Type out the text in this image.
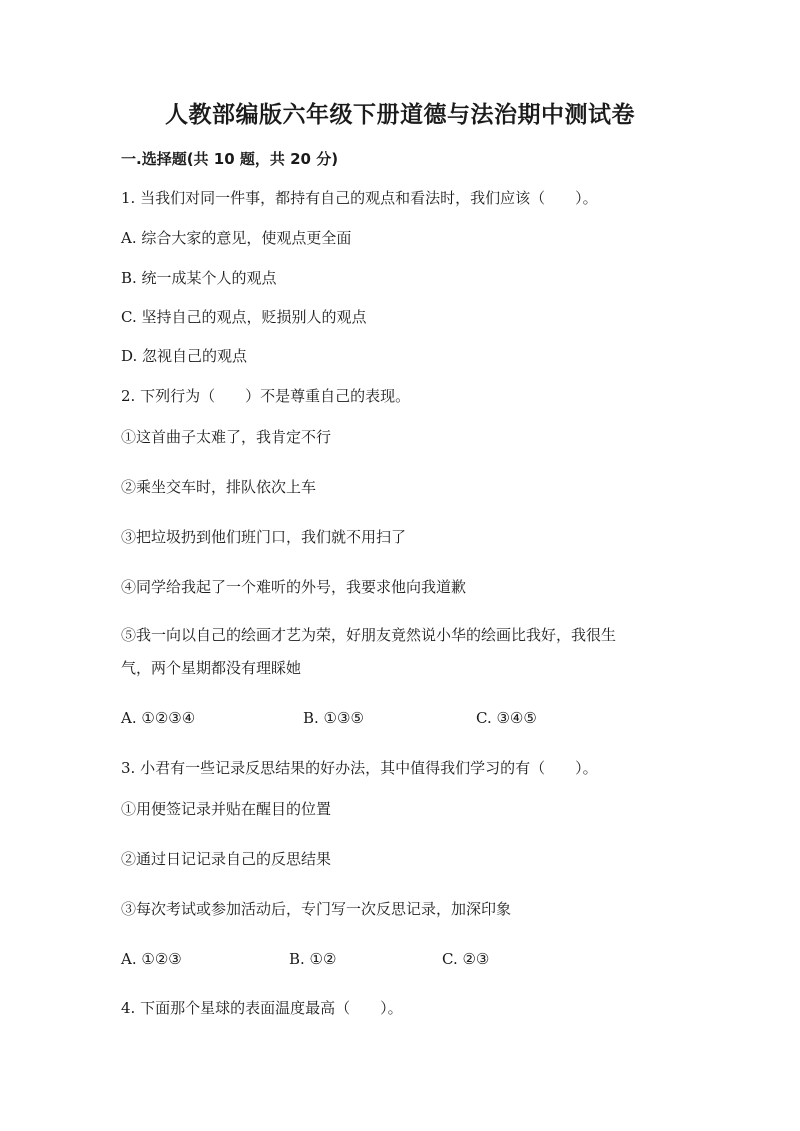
人教部编版六年级下册道德与法治期中测试卷
一.选择题(共 10 题，共 20 分)
1. 当我们对同一件事，都持有自己的观点和看法时，我们应该（　　）。
A. 综合大家的意见，使观点更全面
B. 统一成某个人的观点
C. 坚持自己的观点，贬损别人的观点
D. 忽视自己的观点
2. 下列行为（　　）不是尊重自己的表现。
①这首曲子太难了，我肯定不行
②乘坐交车时，排队依次上车
③把垃圾扔到他们班门口，我们就不用扫了
④同学给我起了一个难听的外号，我要求他向我道歉
⑤我一向以自己的绘画才艺为荣，好朋友竟然说小华的绘画比我好，我很生
气，两个星期都没有理睬她
A. ①②③④	B. ①③⑤	C. ③④⑤
3. 小君有一些记录反思结果的好办法，其中值得我们学习的有（　　）。
①用便签记录并贴在醒目的位置
②通过日记记录自己的反思结果
③每次考试或参加活动后，专门写一次反思记录，加深印象
A. ①②③	B. ①②	C. ②③
4. 下面那个星球的表面温度最高（　　）。
